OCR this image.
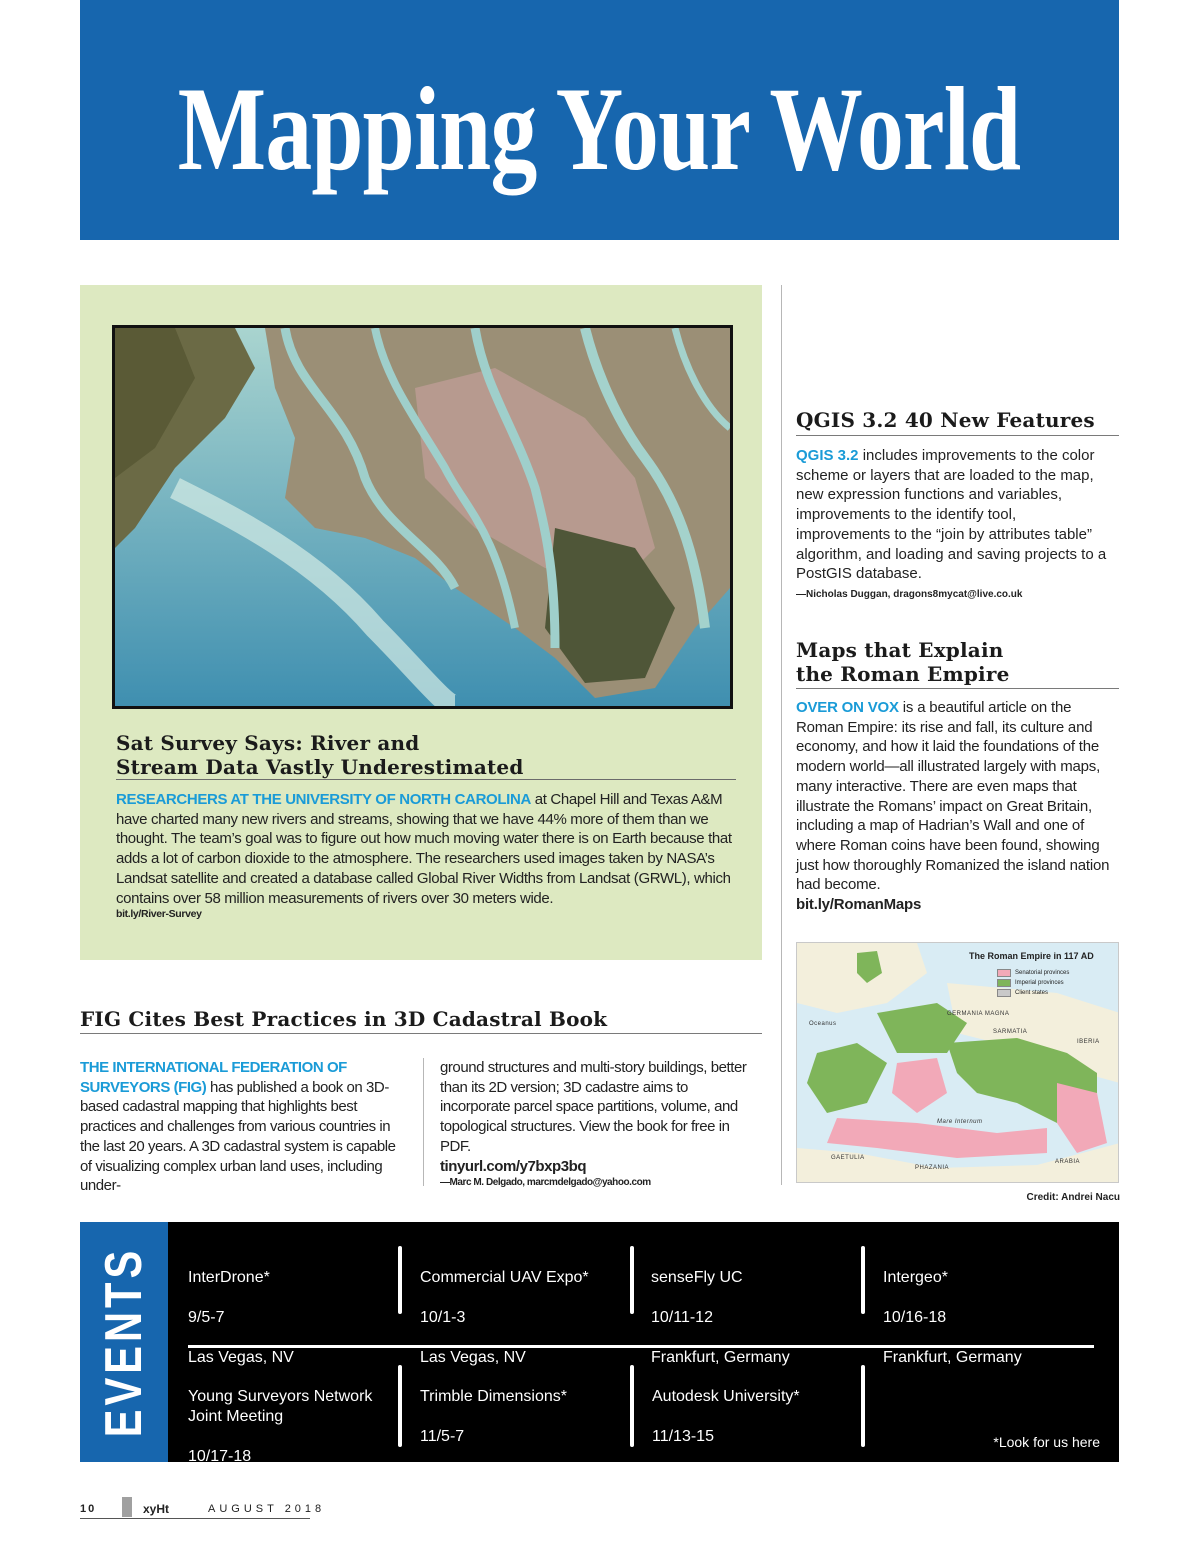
Mapping Your World
Sat Survey Says: River and
Stream Data Vastly Underestimated
RESEARCHERS AT THE UNIVERSITY OF NORTH CAROLINA at Chapel Hill and Texas A&M have charted many new rivers and streams, showing that we have 44% more of them than we thought. The team’s goal was to figure out how much moving water there is on Earth because that adds a lot of carbon dioxide to the atmosphere. The researchers used images taken by NASA’s Landsat satellite and created a database called Global River Widths from Landsat (GRWL), which contains over 58 million measurements of rivers over 30 meters wide.
bit.ly/River-Survey
QGIS 3.2 40 New Features
QGIS 3.2 includes improvements to the color scheme or layers that are loaded to the map, new expression functions and variables, improvements to the identify tool, improvements to the “join by attributes table” algorithm, and loading and saving projects to a PostGIS database.
—Nicholas Duggan, dragons8mycat@live.co.uk
Maps that Explain
the Roman Empire
OVER ON VOX is a beautiful article on the Roman Empire: its rise and fall, its culture and economy, and how it laid the foundations of the modern world—all illustrated largely with maps, many interactive. There are even maps that illustrate the Romans’ impact on Great Britain, including a map of Hadrian’s Wall and one of where Roman coins have been found, showing just how thoroughly Romanized the island nation had become.
bit.ly/RomanMaps
The Roman Empire in 117 AD
Senatorial provinces
Imperial provinces
Client states
Oceanus
GERMANIA MAGNA
SARMATIA
IBERIA
GAETULIA
PHAZANIA
ARABIA
Mare Internum
Credit: Andrei Nacu
FIG Cites Best Practices in 3D Cadastral Book
THE INTERNATIONAL FEDERATION OF SURVEYORS (FIG) has published a book on 3D-based cadastral mapping that highlights best practices and challenges from various countries in the last 20 years. A 3D cadastral system is capable of visualizing complex urban land uses, including under-
ground structures and multi-story buildings, better than its 2D version; 3D cadastre aims to incorporate parcel space partitions, volume, and topological structures. View the book for free in PDF.
tinyurl.com/y7bxp3bq
—Marc M. Delgado, marcmdelgado@yahoo.com
EVENTS InterDrone*

9/5-7

Las Vegas, NV

Commercial UAV Expo*

10/1-3

Las Vegas, NV

senseFly UC

10/11-12

Frankfurt, Germany

Intergeo*

10/16-18

Frankfurt, Germany

Young Surveyors Network
Joint Meeting

10/17-18

Hyattsville, MD

Trimble Dimensions*

11/5-7

Las Vegas, NV

Autodesk University*

11/13-15

Las Vegas, NV.

*Look for us here
10	xyHt	AUGUST 2018
